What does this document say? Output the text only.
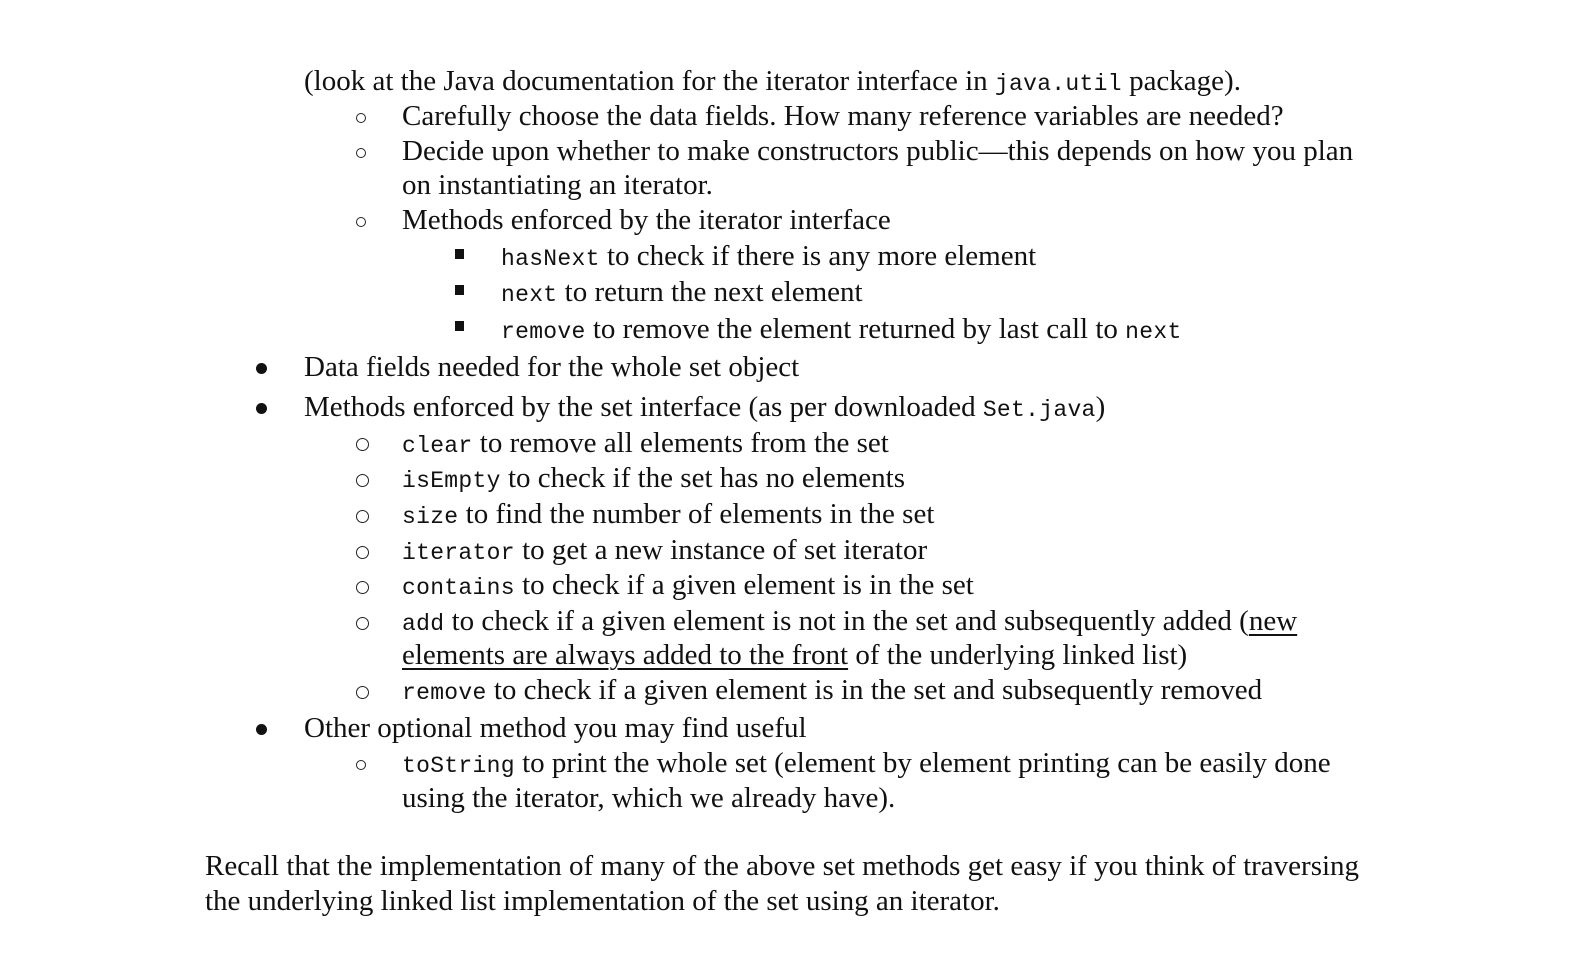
(look at the Java documentation for the iterator interface in java.util package).
Carefully choose the data fields. How many reference variables are needed?
Decide upon whether to make constructors public—this depends on how you plan
on instantiating an iterator.
Methods enforced by the iterator interface
hasNext to check if there is any more element
next to return the next element
remove to remove the element returned by last call to next
Data fields needed for the whole set object
Methods enforced by the set interface (as per downloaded Set.java)
clear to remove all elements from the set
isEmpty to check if the set has no elements
size to find the number of elements in the set
iterator to get a new instance of set iterator
contains to check if a given element is in the set
add to check if a given element is not in the set and subsequently added (new
elements are always added to the front of the underlying linked list)
remove to check if a given element is in the set and subsequently removed
Other optional method you may find useful
toString to print the whole set (element by element printing can be easily done
using the iterator, which we already have).
Recall that the implementation of many of the above set methods get easy if you think of traversing
the underlying linked list implementation of the set using an iterator.
